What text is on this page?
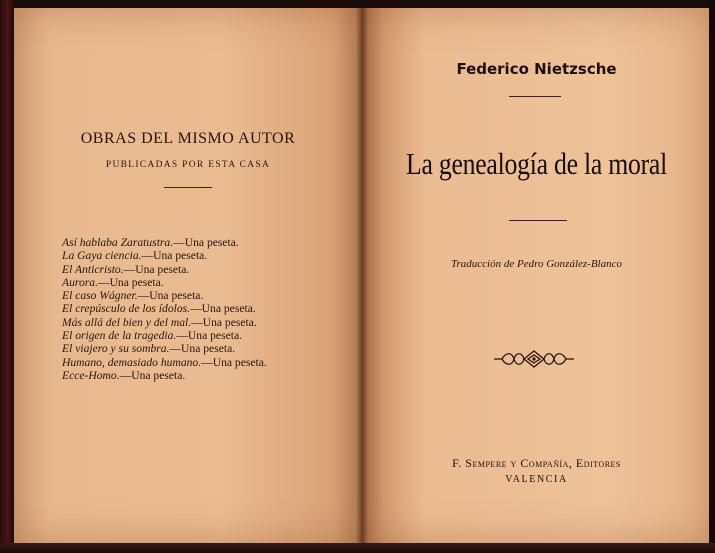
OBRAS DEL MISMO AUTOR
PUBLICADAS POR ESTA CASA
Así hablaba Zaratustra.—Una peseta.
La Gaya ciencia.—Una peseta.
El Anticristo.—Una peseta.
Aurora.—Una peseta.
El caso Wágner.—Una peseta.
El crepúsculo de los ídolos.—Una peseta.
Más allá del bien y del mal.—Una peseta.
El origen de la tragedia.—Una peseta.
El viajero y su sombra.—Una peseta.
Humano, demasiado humano.—Una peseta.
Ecce-Homo.—Una peseta.
Federico Nietzsche
La genealogía de la moral
Traducción de Pedro González-Blanco
F. Sempere y Compañía, Editores
VALENCIA
